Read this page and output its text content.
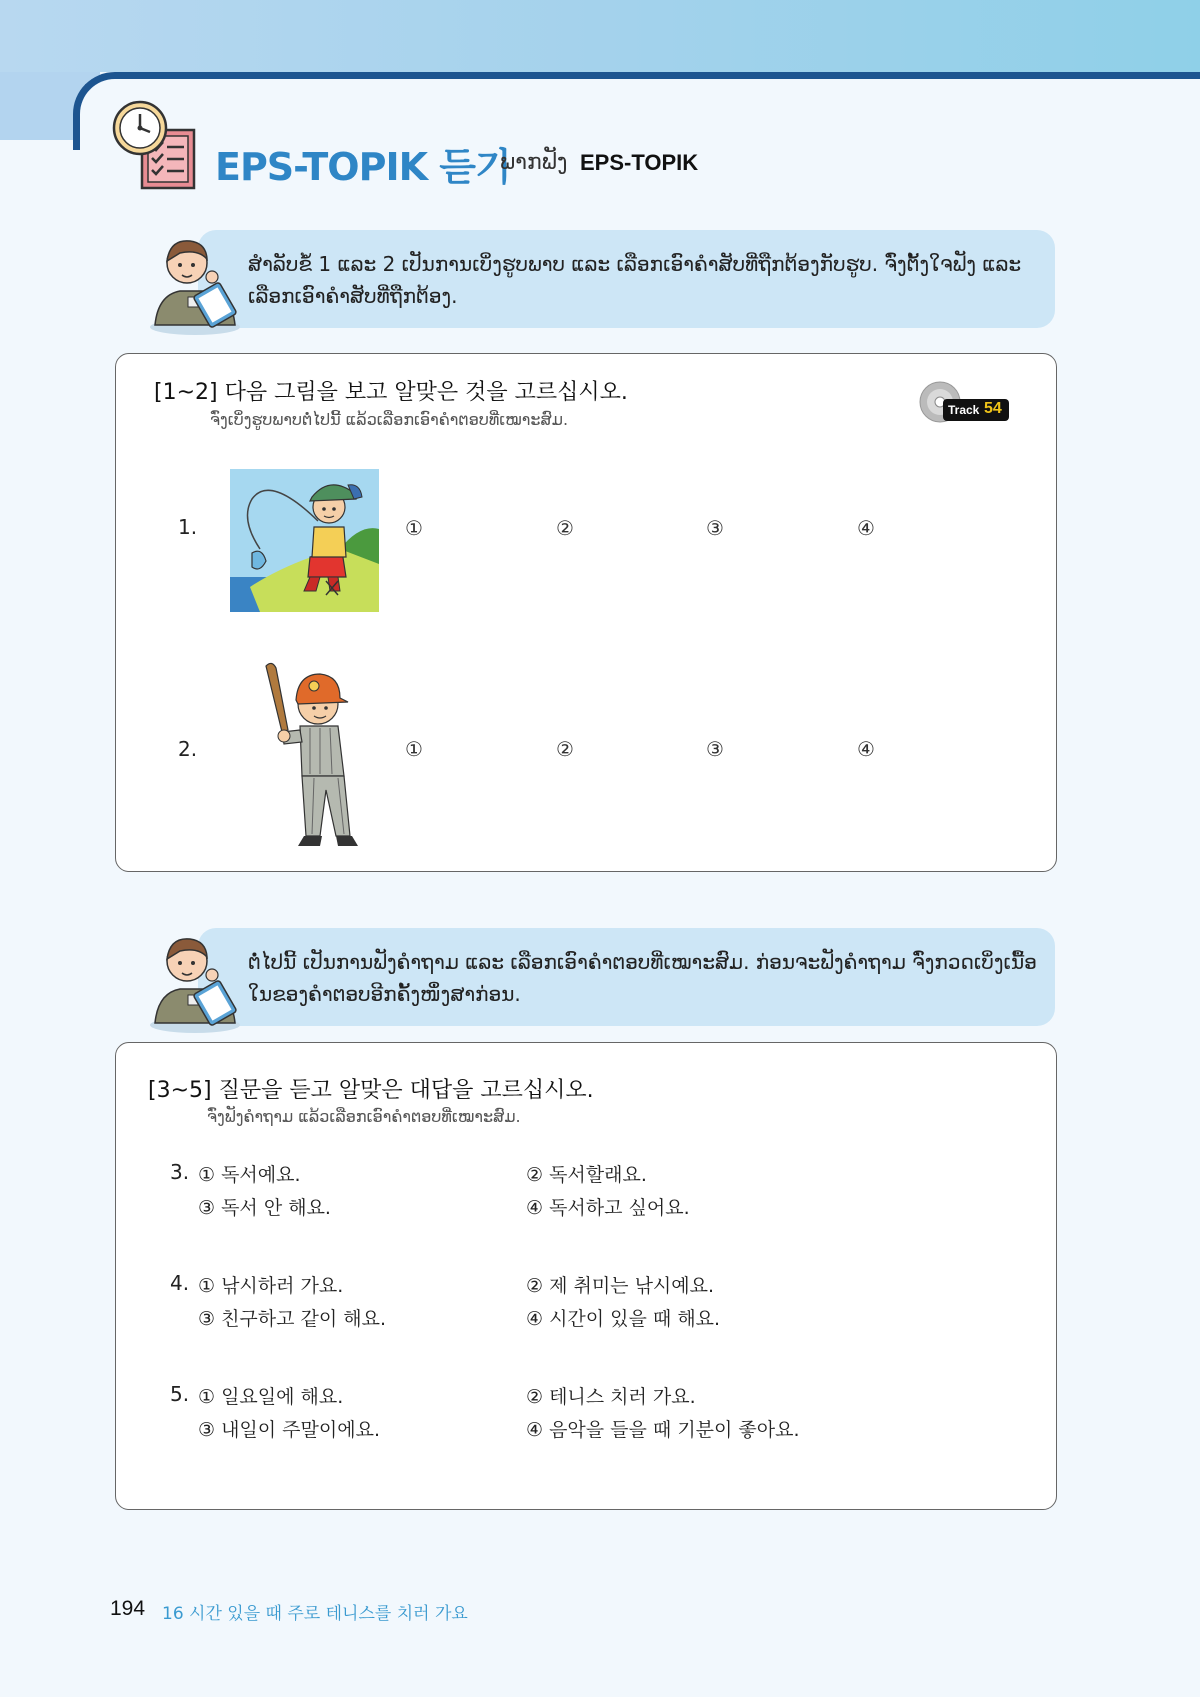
EPS-TOPIK 듣기
ພາກຟັງ EPS-TOPIK
ສຳລັບຂໍ້ 1 ແລະ 2 ເປັນການເບິ່ງຮູບພາບ ແລະ ເລືອກເອົາຄຳສັບທີ່ຖືກຕ້ອງກັບຮູບ. ຈົ່ງຕັ້ງໃຈຟັງ ແລະ ເລືອກເອົາຄຳສັບທີ່ຖືກຕ້ອງ.
[1~2] 다음 그림을 보고 알맞은 것을 고르십시오.
ຈົ່ງເບິ່ງຮູບພາບຕໍ່ໄປນີ້ ແລ້ວເລືອກເອົາຄຳຕອບທີ່ເໝາະສົມ.	Track 54
1.	①	②	③	④
2.	①	②	③	④
ຕໍ່ໄປນີ້ ເປັນການຟັງຄຳຖາມ ແລະ ເລືອກເອົາຄຳຕອບທີ່ເໝາະສົມ. ກ່ອນຈະຟັງຄຳຖາມ ຈົ່ງກວດເບິ່ງເນື້ອໃນຂອງຄຳຕອບອີກຄັ້ງໜຶ່ງສາກ່ອນ.
[3~5] 질문을 듣고 알맞은 대답을 고르십시오.
ຈົ່ງຟັງຄຳຖາມ ແລ້ວເລືອກເອົາຄຳຕອບທີ່ເໝາະສົມ.
3. ① 독서예요.	② 독서할래요.
③ 독서 안 해요.	④ 독서하고 싶어요.
4. ① 낚시하러 가요.	② 제 취미는 낚시예요.
③ 친구하고 같이 해요.	④ 시간이 있을 때 해요.
5. ① 일요일에 해요.	② 테니스 치러 가요.
③ 내일이 주말이에요.	④ 음악을 들을 때 기분이 좋아요.
194 16 시간 있을 때 주로 테니스를 치러 가요
